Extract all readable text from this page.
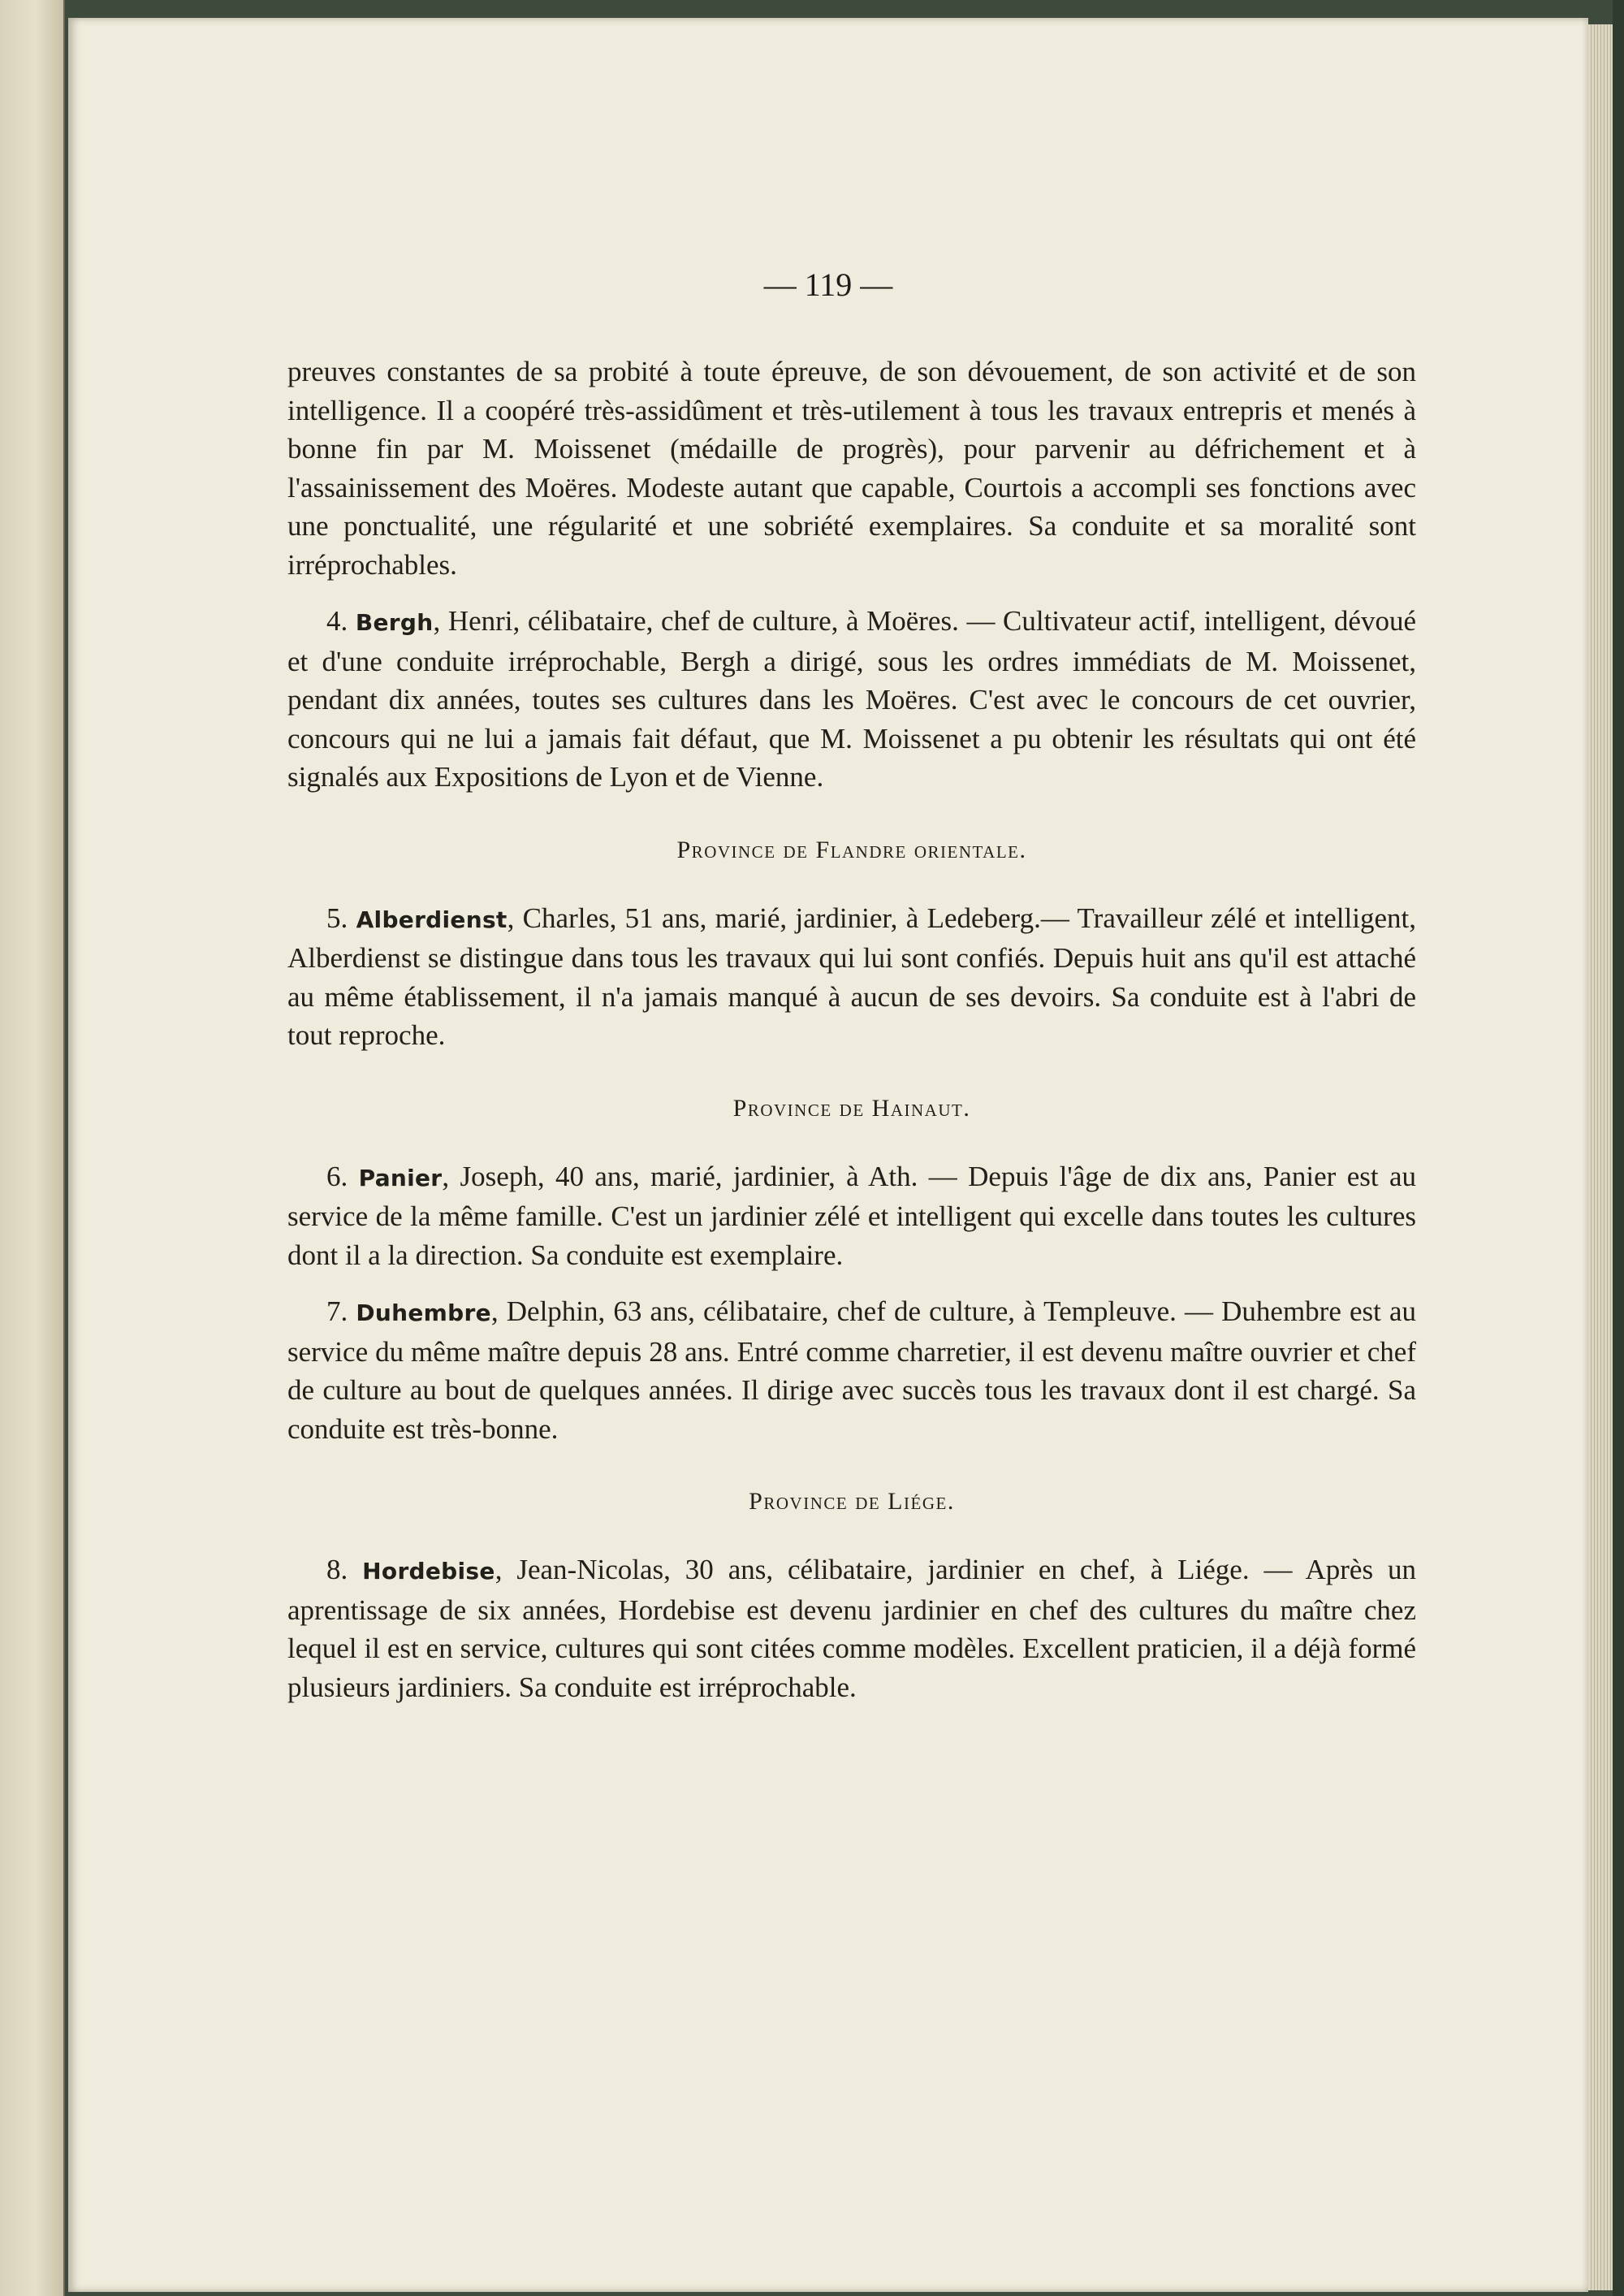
— 119 —

preuves constantes de sa probité à toute épreuve, de son dévouement, de son activité et de son intelligence. Il a coopéré très-assidûment et très-utilement à tous les travaux entrepris et menés à bonne fin par M. Moissenet (médaille de progrès), pour parvenir au défrichement et à l'assainissement des Moëres. Modeste autant que capable, Courtois a accompli ses fonctions avec une ponctualité, une régularité et une sobriété exemplaires. Sa conduite et sa moralité sont irréprochables.

4. Bergh, Henri, célibataire, chef de culture, à Moëres. — Cultivateur actif, intelligent, dévoué et d'une conduite irréprochable, Bergh a dirigé, sous les ordres immédiats de M. Moissenet, pendant dix années, toutes ses cultures dans les Moëres. C'est avec le concours de cet ouvrier, concours qui ne lui a jamais fait défaut, que M. Moissenet a pu obtenir les résultats qui ont été signalés aux Expositions de Lyon et de Vienne.

Province de Flandre orientale.

5. Alberdienst, Charles, 51 ans, marié, jardinier, à Ledeberg.— Travailleur zélé et intelligent, Alberdienst se distingue dans tous les travaux qui lui sont confiés. Depuis huit ans qu'il est attaché au même établissement, il n'a jamais manqué à aucun de ses devoirs. Sa conduite est à l'abri de tout reproche.

Province de Hainaut.

6. Panier, Joseph, 40 ans, marié, jardinier, à Ath. — Depuis l'âge de dix ans, Panier est au service de la même famille. C'est un jardinier zélé et intelligent qui excelle dans toutes les cultures dont il a la direction. Sa conduite est exemplaire.

7. Duhembre, Delphin, 63 ans, célibataire, chef de culture, à Templeuve. — Duhembre est au service du même maître depuis 28 ans. Entré comme charretier, il est devenu maître ouvrier et chef de culture au bout de quelques années. Il dirige avec succès tous les travaux dont il est chargé. Sa conduite est très-bonne.

Province de Liége.

8. Hordebise, Jean-Nicolas, 30 ans, célibataire, jardinier en chef, à Liége. — Après un aprentissage de six années, Hordebise est devenu jardinier en chef des cultures du maître chez lequel il est en service, cultures qui sont citées comme modèles. Excellent praticien, il a déjà formé plusieurs jardiniers. Sa conduite est irréprochable.
